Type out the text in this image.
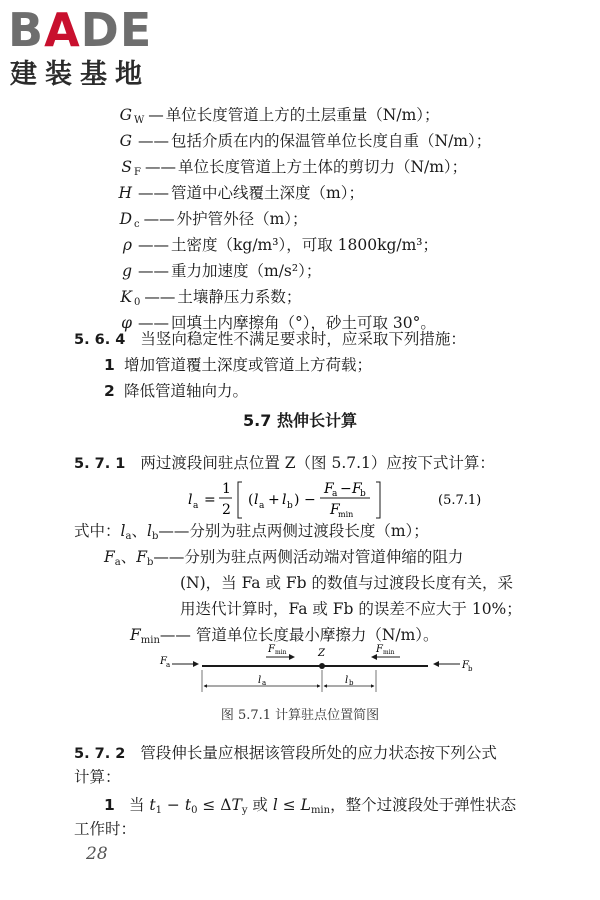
BADE
建装基地
G $_W$ — 单位长度管道上方的土层重量（N/m）；
G —— 包括介质在内的保温管单位长度自重（N/m）；
S $_F$ —— 单位长度管道上方土体的剪切力（N/m）；
H —— 管道中心线覆土深度（m）；
D $_c$ —— 外护管外径（m）；
ρ —— 土密度（kg/m³），可取 1800kg/m³；
g —— 重力加速度（m/s²）；
K $_0$ —— 土壤静压力系数；
φ —— 回填土内摩擦角（°），砂土可取 30°。
5. 6. 4 当竖向稳定性不满足要求时，应采取下列措施：
1 增加管道覆土深度或管道上方荷载；
2 降低管道轴向力。
5.7 热伸长计算
5. 7. 1 两过渡段间驻点位置 Z（图 5.7.1）应按下式计算：
l a =
1
2
( l a + l b ) −
F
a − F
b
F
min
(5.7.1)
式中：$l_a$、$l_b——$分别为驻点两侧过渡段长度（m）；
$F_a$、$F_b——$分别为驻点两侧活动端对管道伸缩的阻力
(N)，当 Fa 或 Fb 的数值与过渡段长度有关，采
用迭代计算时，Fa 或 Fb 的误差不应大于 10%；
$F_{min}——$ 管道单位长度最小摩擦力（N/m）。
F a
F min	F min
Z
F b
l a	l b
图 5.7.1 计算驻点位置简图
5. 7. 2 管段伸长量应根据该管段所处的应力状态按下列公式
计算：
1 当 $t_1 - t_0 \le \Delta T_y$ 或 $l \le L_{min}$，整个过渡段处于弹性状态
工作时：
28
